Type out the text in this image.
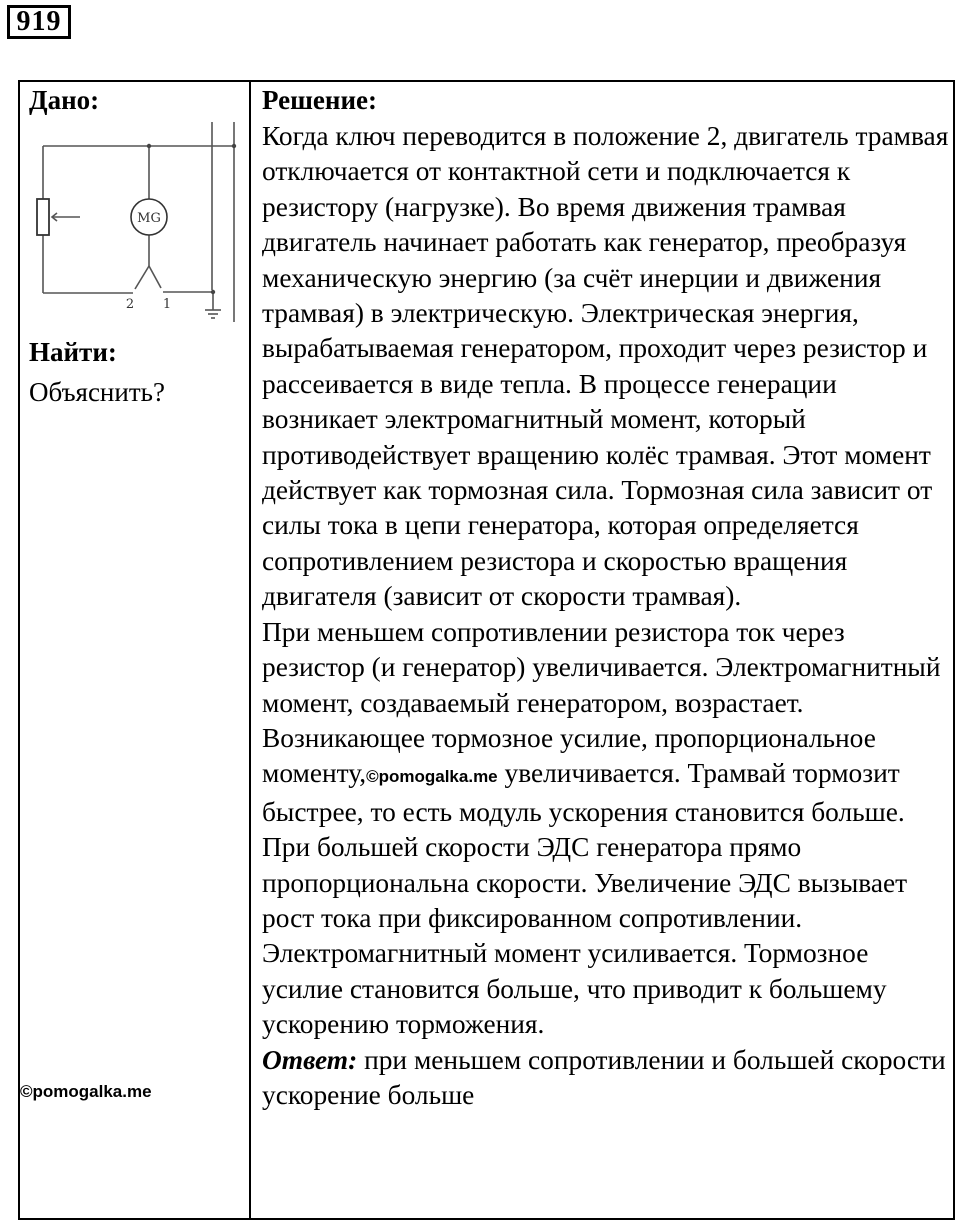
919
Дано:
MG
2 1
Найти:
Объяснить?
©pomogalka.me
Решение:

Когда ключ переводится в положение 2, двигатель трамвая отключается от контактной сети и подключается к резистору (нагрузке). Во время движения трамвая двигатель начинает работать как генератор, преобразуя механическую энергию (за счёт инерции и движения трамвая) в электрическую. Электрическая энергия, вырабатываемая генератором, проходит через резистор и рассеивается в виде тепла. В процессе генерации возникает электромагнитный момент, который противодействует вращению колёс трамвая. Этот момент действует как тормозная сила. Тормозная сила зависит от силы тока в цепи генератора, которая определяется сопротивлением резистора и скоростью вращения двигателя (зависит от скорости трамвая).

При меньшем сопротивлении резистора ток через резистор (и генератор) увеличивается. Электромагнитный момент, создаваемый генератором, возрастает. Возникающее тормозное усилие, пропорциональное моменту,©pomogalka.me увеличивается. Трамвай тормозит быстрее, то есть модуль ускорения становится больше.

При большей скорости ЭДС генератора прямо пропорциональна скорости. Увеличение ЭДС вызывает рост тока при фиксированном сопротивлении. Электромагнитный момент усиливается. Тормозное усилие становится больше, что приводит к большему ускорению торможения.

Ответ: при меньшем сопротивлении и большей скорости ускорение больше
